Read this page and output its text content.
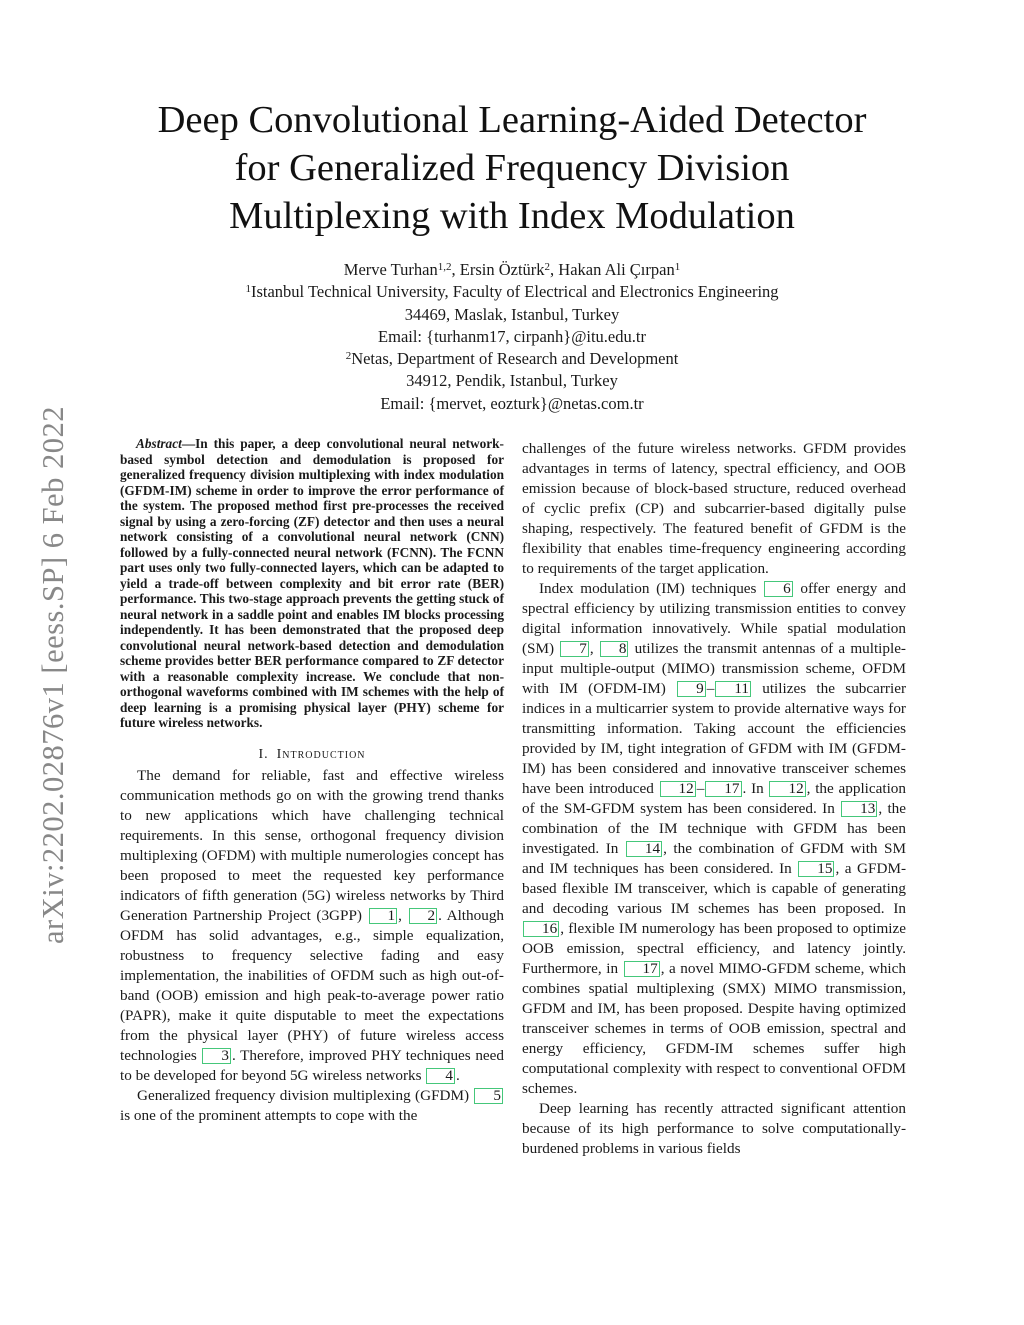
arXiv:2202.02876v1 [eess.SP] 6 Feb 2022
Deep Convolutional Learning-Aided Detector
for Generalized Frequency Division
Multiplexing with Index Modulation
Merve Turhan$^{1,2}$, Ersin Öztürk$^2$, Hakan Ali Çırpan$^1$
$^1$Istanbul Technical University, Faculty of Electrical and Electronics Engineering
34469, Maslak, Istanbul, Turkey
Email: {turhanm17, cirpanh}@itu.edu.tr
$^2$Netas, Department of Research and Development
34912, Pendik, Istanbul, Turkey
Email: {mervet, eozturk}@netas.com.tr
Abstract—In this paper, a deep convolutional neural network-based symbol detection and demodulation is proposed for generalized frequency division multiplexing with index modulation (GFDM-IM) scheme in order to improve the error performance of the system. The proposed method first pre-processes the received signal by using a zero-forcing (ZF) detector and then uses a neural network consisting of a convolutional neural network (CNN) followed by a fully-connected neural network (FCNN). The FCNN part uses only two fully-connected layers, which can be adapted to yield a trade-off between complexity and bit error rate (BER) performance. This two-stage approach prevents the getting stuck of neural network in a saddle point and enables IM blocks processing independently. It has been demonstrated that the proposed deep convolutional neural network-based detection and demodulation scheme provides better BER performance compared to ZF detector with a reasonable complexity increase. We conclude that non-orthogonal waveforms combined with IM schemes with the help of deep learning is a promising physical layer (PHY) scheme for future wireless networks.
I. Introduction

The demand for reliable, fast and effective wireless communication methods go on with the growing trend thanks to new applications which have challenging technical requirements. In this sense, orthogonal frequency division multiplexing (OFDM) with multiple numerologies concept has been proposed to meet the requested key performance indicators of fifth generation (5G) wireless networks by Third Generation Partnership Project (3GPP) 1 , 2 . Although OFDM has solid advantages, e.g., simple equalization, robustness to frequency selective fading and easy implementation, the inabilities of OFDM such as high out-of-band (OOB) emission and high peak-to-average power ratio (PAPR), make it quite disputable to meet the expectations from the physical layer (PHY) of future wireless access technologies 3 . Therefore, improved PHY techniques need to be developed for beyond 5G wireless networks 4 .

Generalized frequency division multiplexing (GFDM) 5 is one of the prominent attempts to cope with the

challenges of the future wireless networks. GFDM provides advantages in terms of latency, spectral efficiency, and OOB emission because of block-based structure, reduced overhead of cyclic prefix (CP) and subcarrier-based digitally pulse shaping, respectively. The featured benefit of GFDM is the flexibility that enables time-frequency engineering according to requirements of the target application.

Index modulation (IM) techniques 6 offer energy and spectral efficiency by utilizing transmission entities to convey digital information innovatively. While spatial modulation (SM) 7 , 8 utilizes the transmit antennas of a multiple-input multiple-output (MIMO) transmission scheme, OFDM with IM (OFDM-IM) 9 – 11 utilizes the subcarrier indices in a multicarrier system to provide alternative ways for transmitting information. Taking account the efficiencies provided by IM, tight integration of GFDM with IM (GFDM-IM) has been considered and innovative transceiver schemes have been introduced 12 – 17 . In 12 , the application of the SM-GFDM system has been considered. In 13 , the combination of the IM technique with GFDM has been investigated. In 14 , the combination of GFDM with SM and IM techniques has been considered. In 15 , a GFDM-based flexible IM transceiver, which is capable of generating and decoding various IM schemes has been proposed. In 16 , flexible IM numerology has been proposed to optimize OOB emission, spectral efficiency, and latency jointly. Furthermore, in 17 , a novel MIMO-GFDM scheme, which combines spatial multiplexing (SMX) MIMO transmission, GFDM and IM, has been proposed. Despite having optimized transceiver schemes in terms of OOB emission, spectral and energy efficiency, GFDM-IM schemes suffer high computational complexity with respect to conventional OFDM schemes.

Deep learning has recently attracted significant attention because of its high performance to solve computationally-burdened problems in various fields
